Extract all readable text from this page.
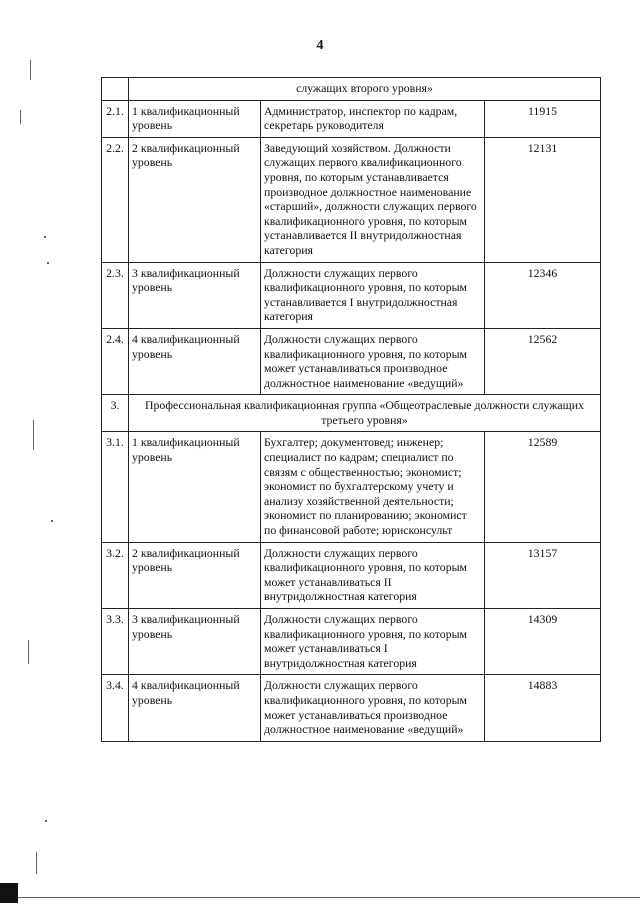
4
	служащих второго уровня»		
2.1.	1 квалификационный уровень	Администратор, инспектор по кадрам, секретарь руководителя	11915
2.2.	2 квалификационный уровень	Заведующий хозяйством. Должности служащих первого квалификационного уровня, по которым устанавливается производное должностное наименование «старший», должности служащих первого квалификационного уровня, по которым устанавливается II внутридолжностная категория	12131
2.3.	3 квалификационный уровень	Должности служащих первого квалификационного уровня, по которым устанавливается I внутридолжностная категория	12346
2.4.	4 квалификационный уровень	Должности служащих первого квалификационного уровня, по которым может устанавливаться производное должностное наименование «ведущий»	12562
3.	Профессиональная квалификационная группа «Общеотраслевые должности служащих третьего уровня»		
3.1.	1 квалификационный уровень	Бухгалтер; документовед; инженер; специалист по кадрам; специалист по связям с общественностью; экономист; экономист по бухгалтерскому учету и анализу хозяйственной деятельности; экономист по планированию; экономист по финансовой работе; юрисконсульт	12589
3.2.	2 квалификационный уровень	Должности служащих первого квалификационного уровня, по которым может устанавливаться II внутридолжностная категория	13157
3.3.	3 квалификационный уровень	Должности служащих первого квалификационного уровня, по которым может устанавливаться I внутридолжностная категория	14309
3.4.	4 квалификационный уровень	Должности служащих первого квалификационного уровня, по которым может устанавливаться производное должностное наименование «ведущий»	14883
